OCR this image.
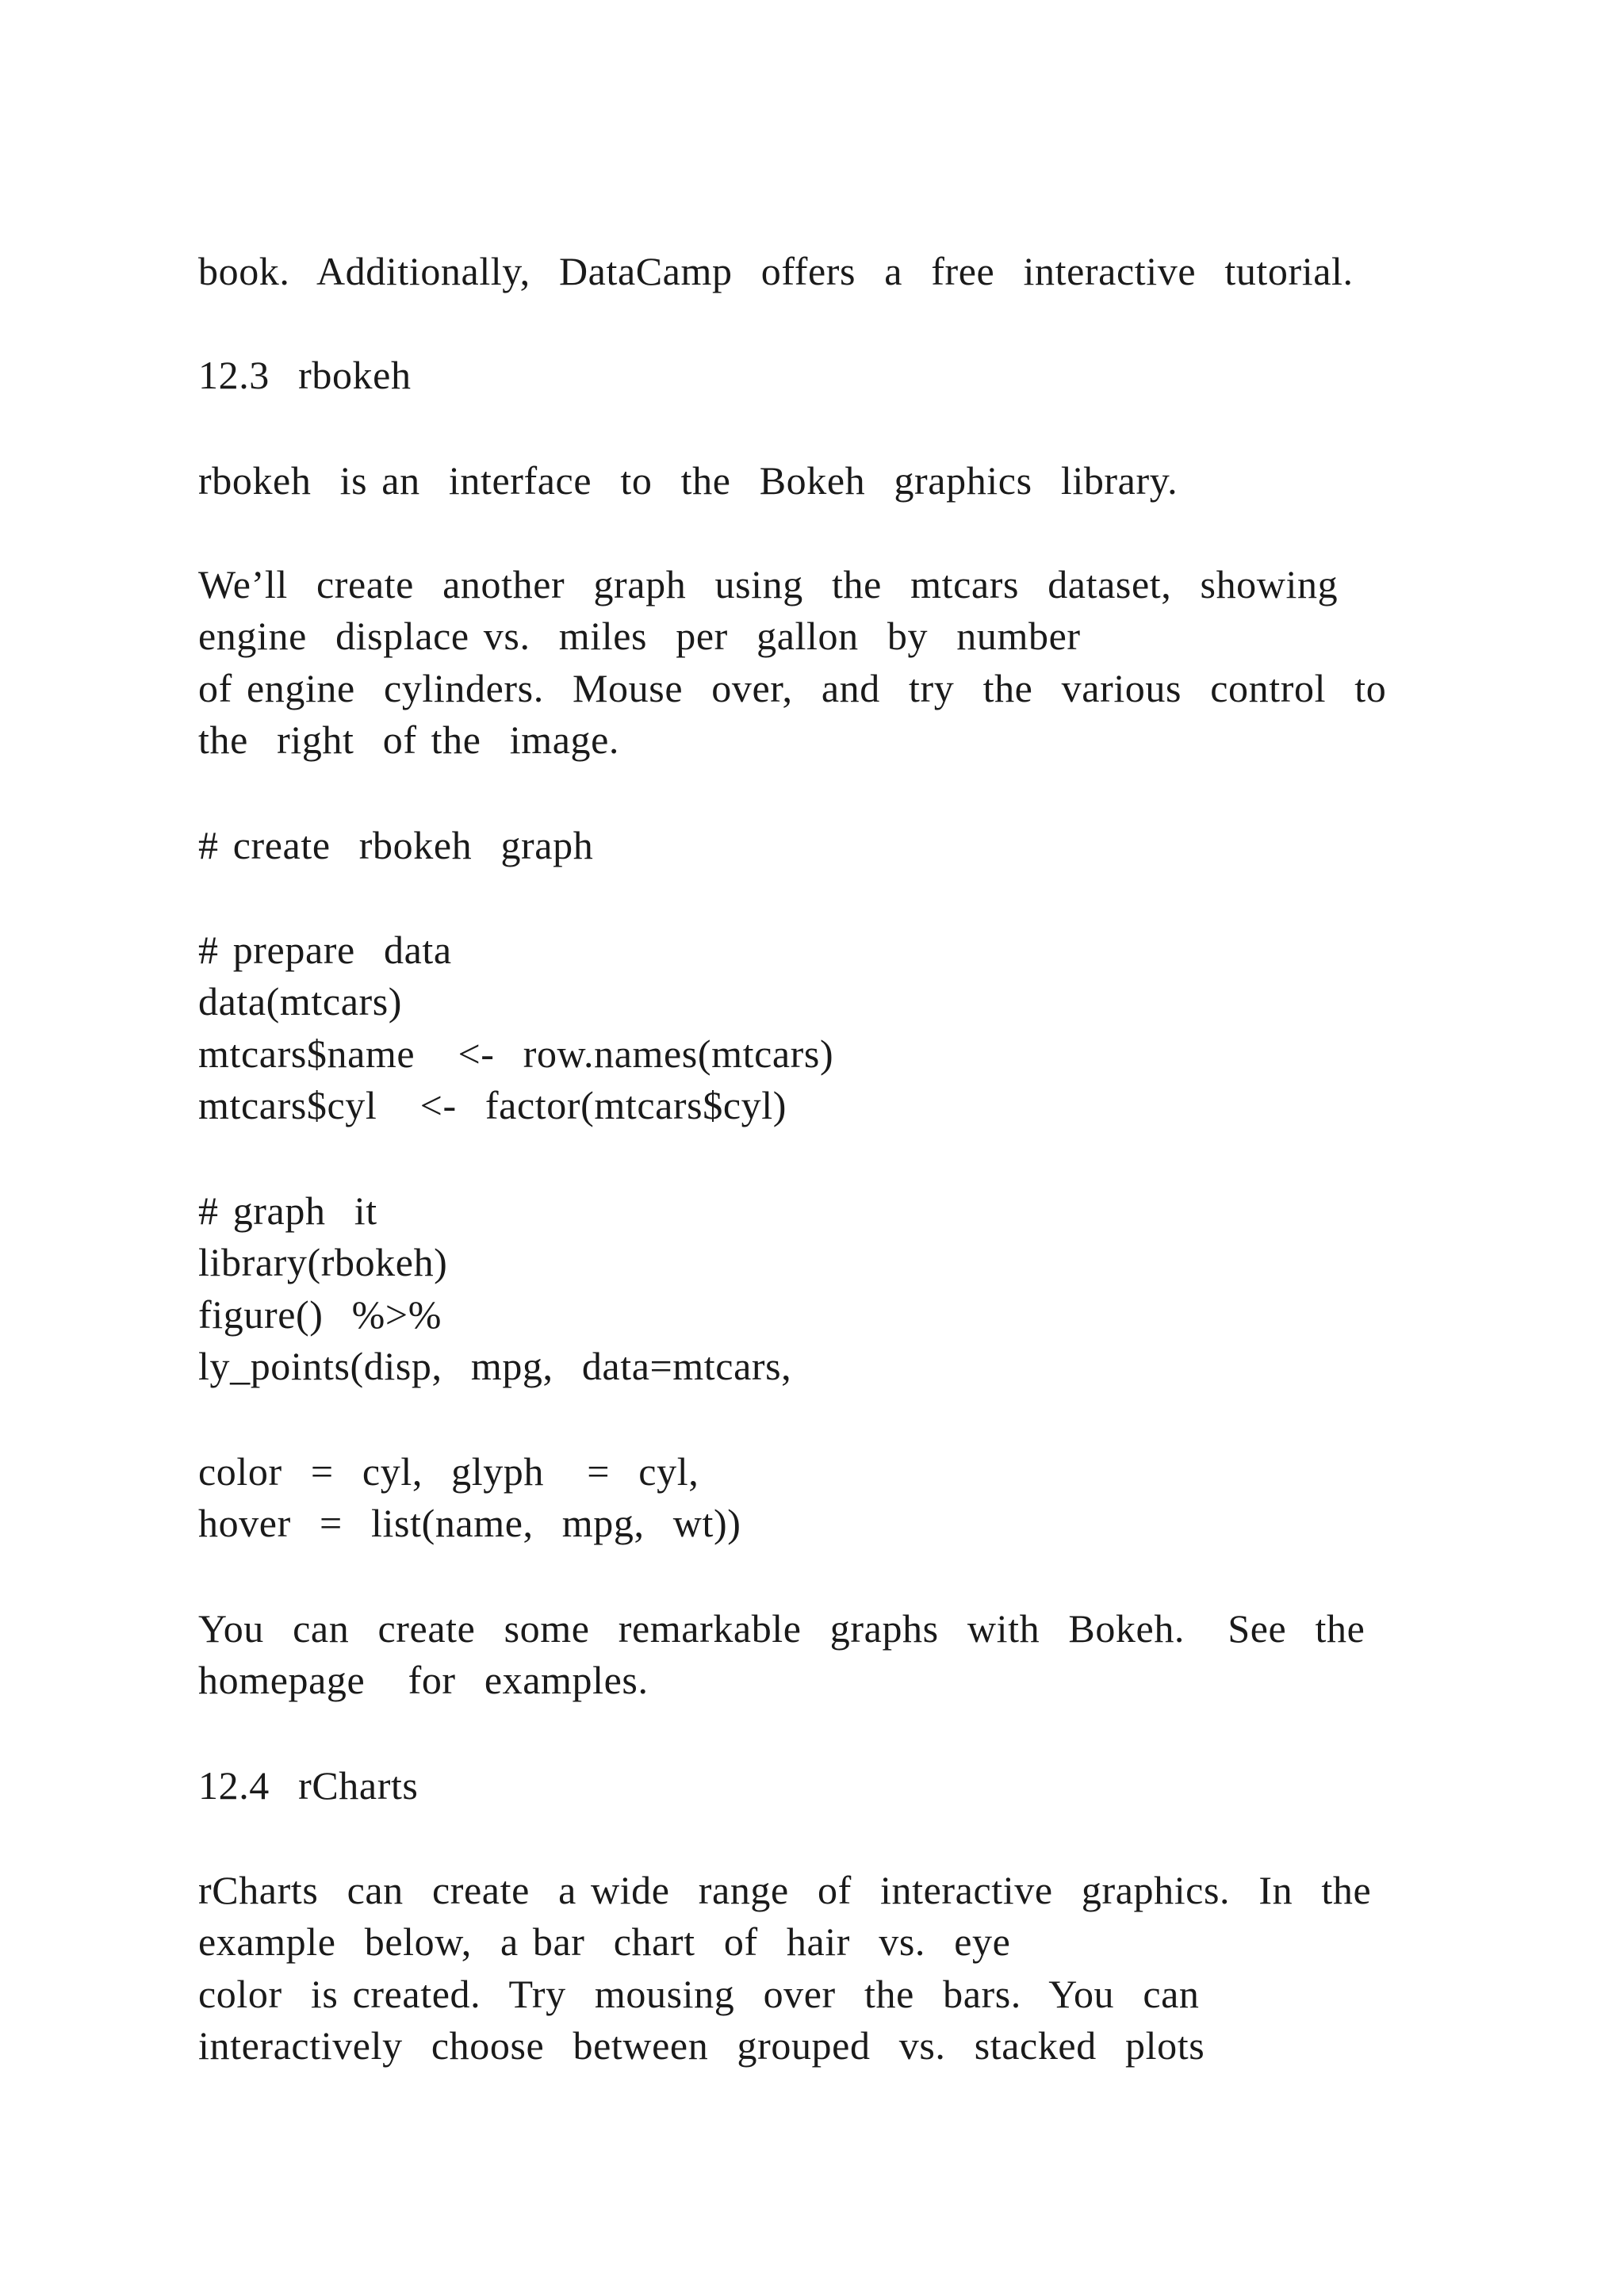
book.  Additionally,  DataCamp  offers  a  free  interactive  tutorial.

12.3  rbokeh

rbokeh  is an  interface  to  the  Bokeh  graphics  library.

We’ll  create  another  graph  using  the  mtcars  dataset,  showing

engine  displace vs.  miles  per  gallon  by  number

of engine  cylinders.  Mouse  over,  and  try  the  various  control  to

the  right  of the  image.

# create  rbokeh  graph

# prepare  data

data(mtcars)

mtcars$name   <-  row.names(mtcars)

mtcars$cyl   <-  factor(mtcars$cyl)

# graph  it

library(rbokeh)

figure()  %>%

ly_points(disp,  mpg,  data=mtcars,

color  =  cyl,  glyph   =  cyl,

hover  =  list(name,  mpg,  wt))

You  can  create  some  remarkable  graphs  with  Bokeh.   See  the

homepage   for  examples.

12.4  rCharts

rCharts  can  create  a wide  range  of  interactive  graphics.  In  the

example  below,  a bar  chart  of  hair  vs.  eye

color  is created.  Try  mousing  over  the  bars.  You  can

interactively  choose  between  grouped  vs.  stacked  plots
